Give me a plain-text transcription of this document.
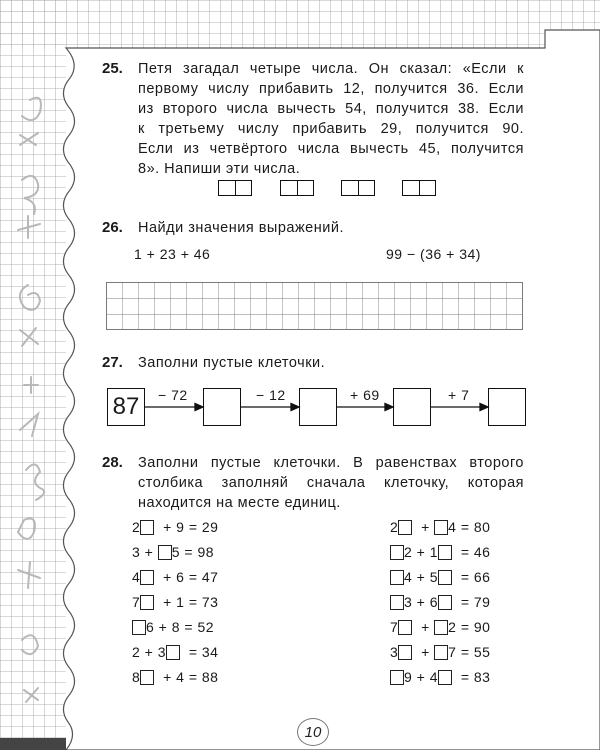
25. Петя загадал четыре числа. Он сказал: «Если к
первому числу прибавить 12, получится 36. Если
из второго числа вычесть 54, получится 38. Если
к третьему числу прибавить 29, получится 90.
Если из четвёртого числа вычесть 45, получится
8». Напиши эти числа.
26. Найди значения выражений.
1 + 23 + 46	99 − (36 + 34)
27. Заполни пустые клеточки.
87	− 72	− 12	+ 69	+ 7
28. Заполни пустые клеточки. В равенствах второго
столбика заполняй сначала клеточку, которая
находится на месте единиц.
2 + 9 = 29
3 + 5 = 98
4 + 6 = 47
7 + 1 = 73
6 + 8 = 52
2 + 3 = 34
8 + 4 = 88
2 + 4 = 80
2 + 1 = 46
4 + 5 = 66
3 + 6 = 79
7 + 2 = 90
3 + 7 = 55
9 + 4 = 83
10
